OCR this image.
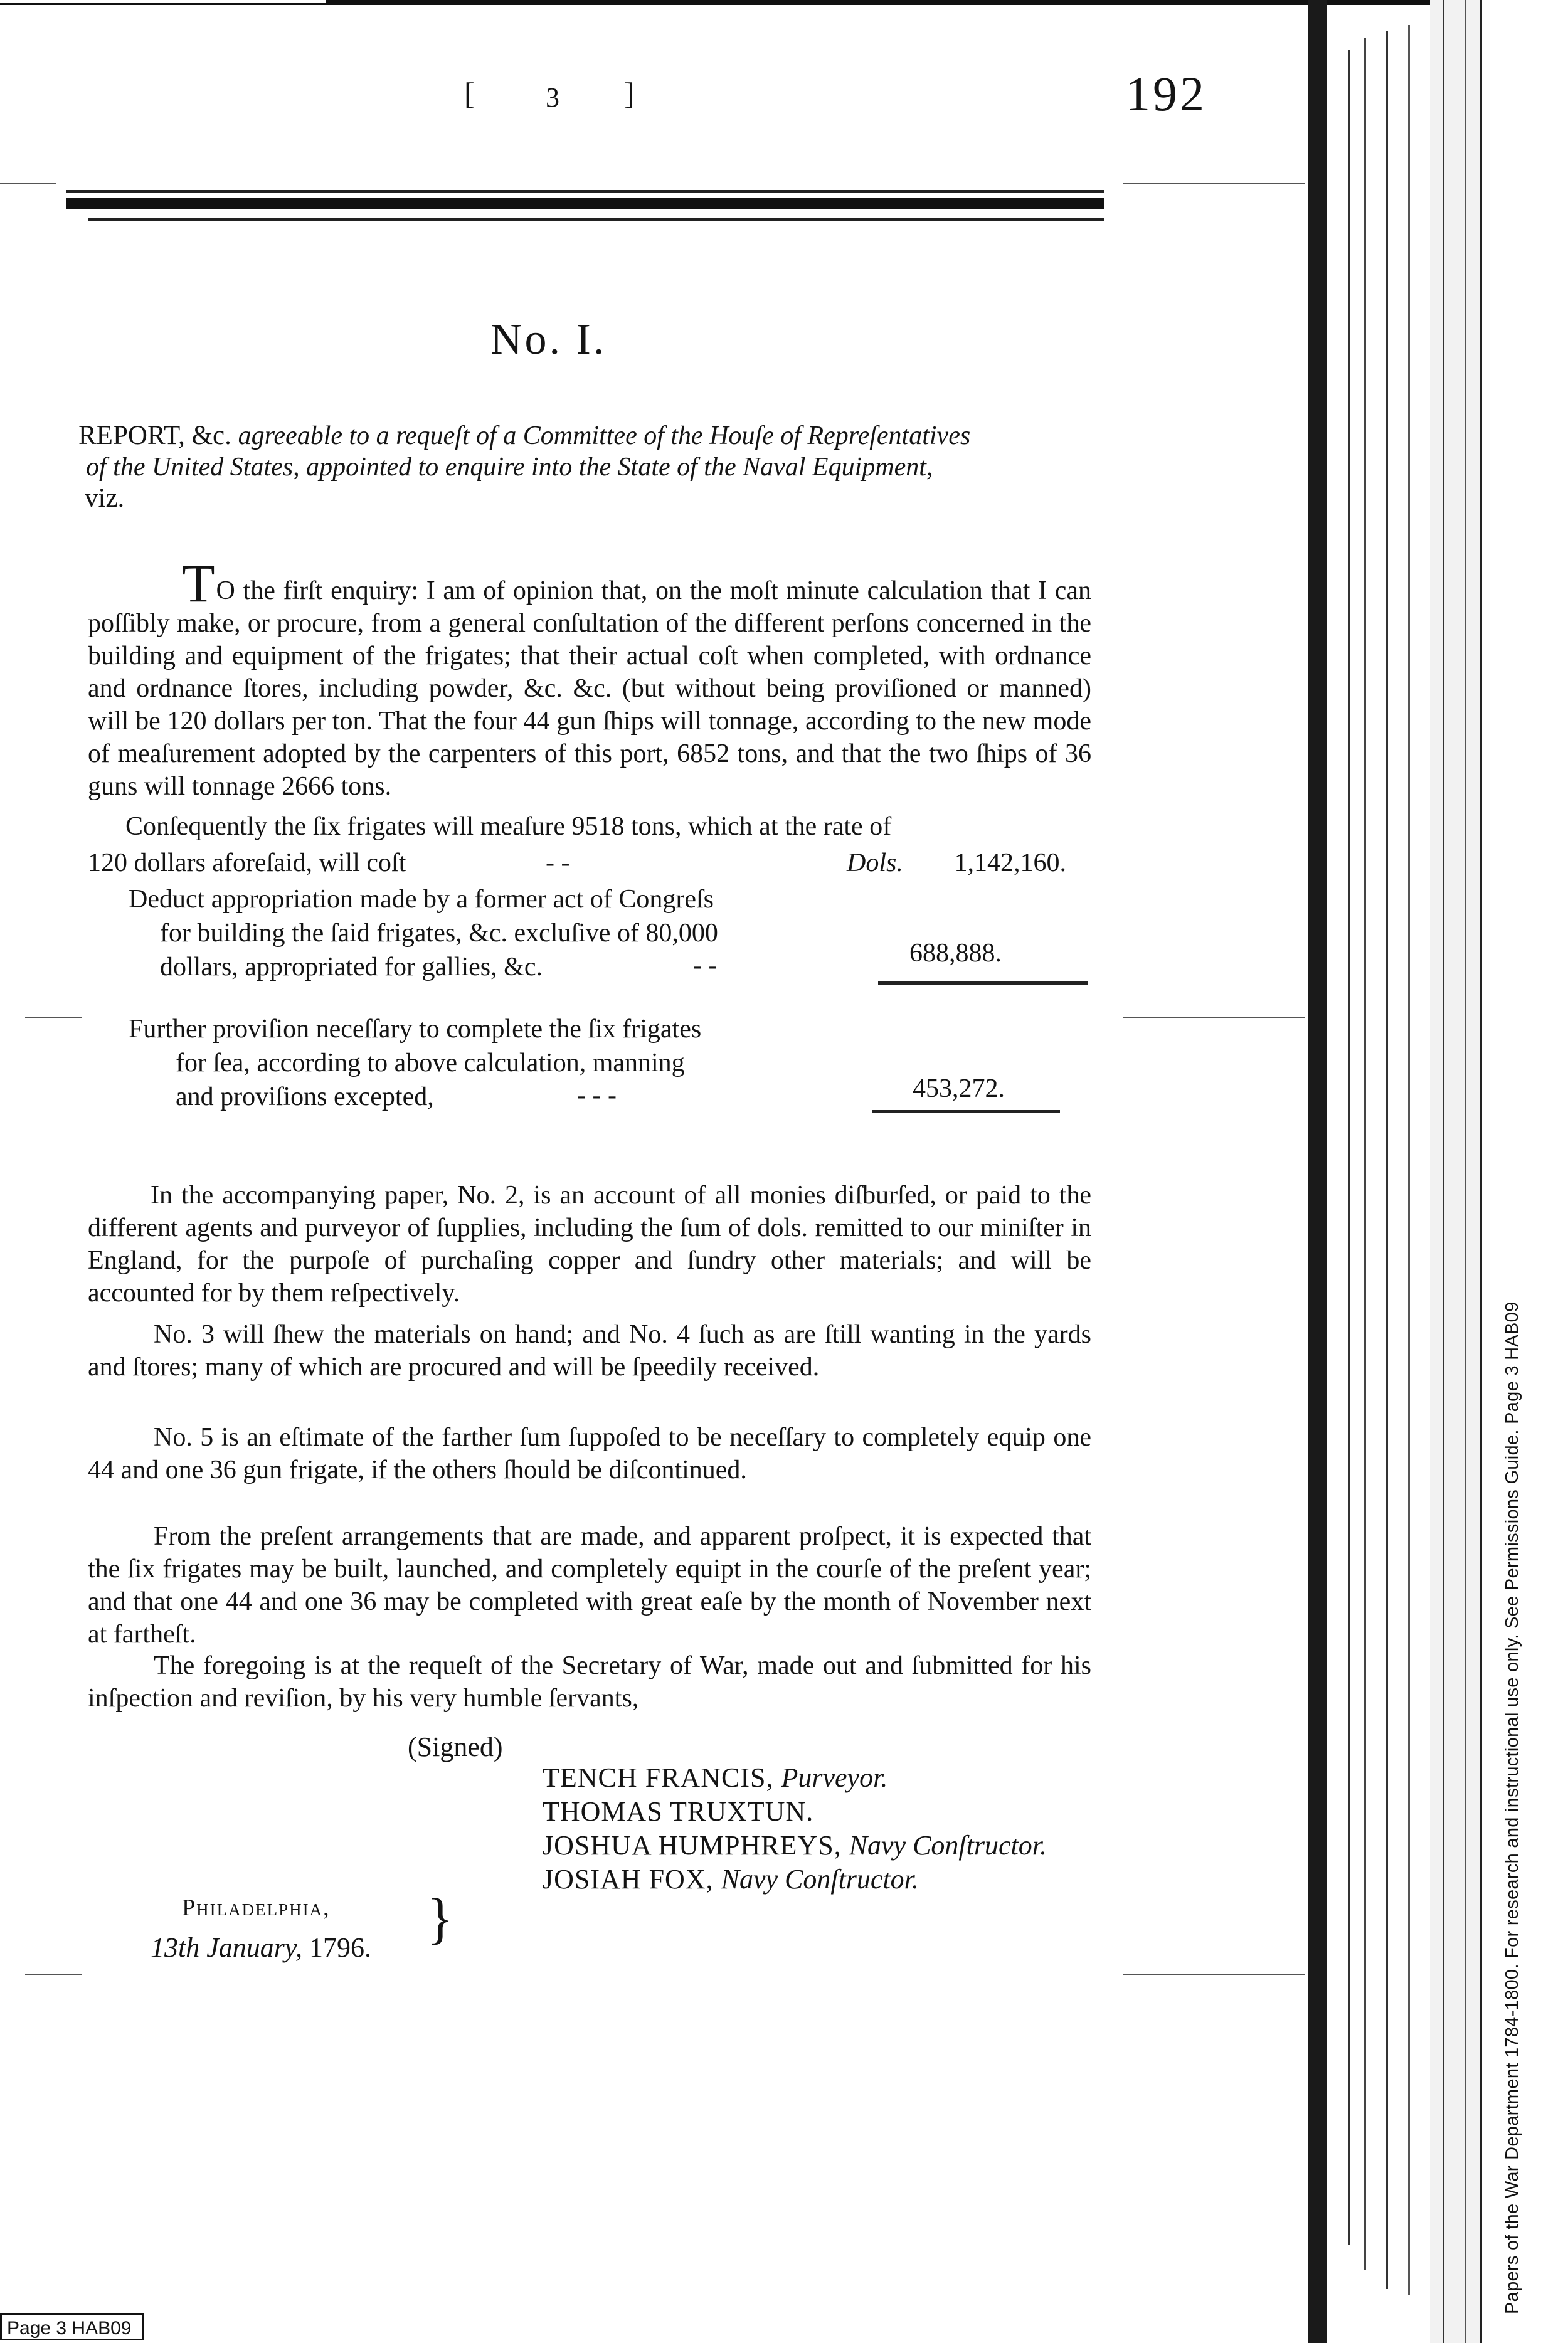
[	3 ]	192
No. I.
REPORT, &c. agreeable to a requeſt of a Committee of the Houſe of Repreſentatives
of the United States, appointed to enquire into the State of the Naval Equipment,
viz.
TO the firſt enquiry: I am of opinion that, on the moſt minute calculation that I can poſſibly make, or procure, from a general conſultation of the different perſons concerned in the building and equipment of the frigates; that their actual coſt when completed, with ordnance and ordnance ſtores, including powder, &c. &c. (but without being proviſioned or manned) will be 120 dollars per ton. That the four 44 gun ſhips will tonnage, according to the new mode of meaſurement adopted by the carpenters of this port, 6852 tons, and that the two ſhips of 36 guns will tonnage 2666 tons.
Conſequently the ſix frigates will meaſure 9518 tons, which at the rate of
120 dollars aforeſaid, will coſt	- -	Dols. 1,142,160.
Deduct appropriation made by a former act of Congreſs
for building the ſaid frigates, &c. excluſive of 80,000
dollars, appropriated for gallies, &c.	- -	688,888.
Further proviſion neceſſary to complete the ſix frigates
for ſea, according to above calculation, manning
and proviſions excepted,	- - -	453,272.
In the accompanying paper, No. 2, is an account of all monies diſburſed, or paid to the different agents and purveyor of ſupplies, including the ſum of dols. remitted to our miniſter in England, for the purpoſe of purchaſing copper and ſundry other materials; and will be accounted for by them reſpectively.
No. 3 will ſhew the materials on hand; and No. 4 ſuch as are ſtill wanting in the yards and ſtores; many of which are procured and will be ſpeedily received.
No. 5 is an eſtimate of the farther ſum ſuppoſed to be neceſſary to completely equip one 44 and one 36 gun frigate, if the others ſhould be diſcontinued.
From the preſent arrangements that are made, and apparent proſpect, it is expected that the ſix frigates may be built, launched, and completely equipt in the courſe of the preſent year; and that one 44 and one 36 may be completed with great eaſe by the month of November next at fartheſt.
The foregoing is at the requeſt of the Secretary of War, made out and ſubmitted for his inſpection and reviſion, by his very humble ſervants,
(Signed)
TENCH FRANCIS, Purveyor.
THOMAS TRUXTUN.
JOSHUA HUMPHREYS, Navy Conſtructor.
JOSIAH FOX, Navy Conſtructor.
Philadelphia,
13th January, 1796. }	Papers of the War Department 1784-1800. For research and instructional use only. See Permissions Guide. Page 3 HAB09
Page 3 HAB09
